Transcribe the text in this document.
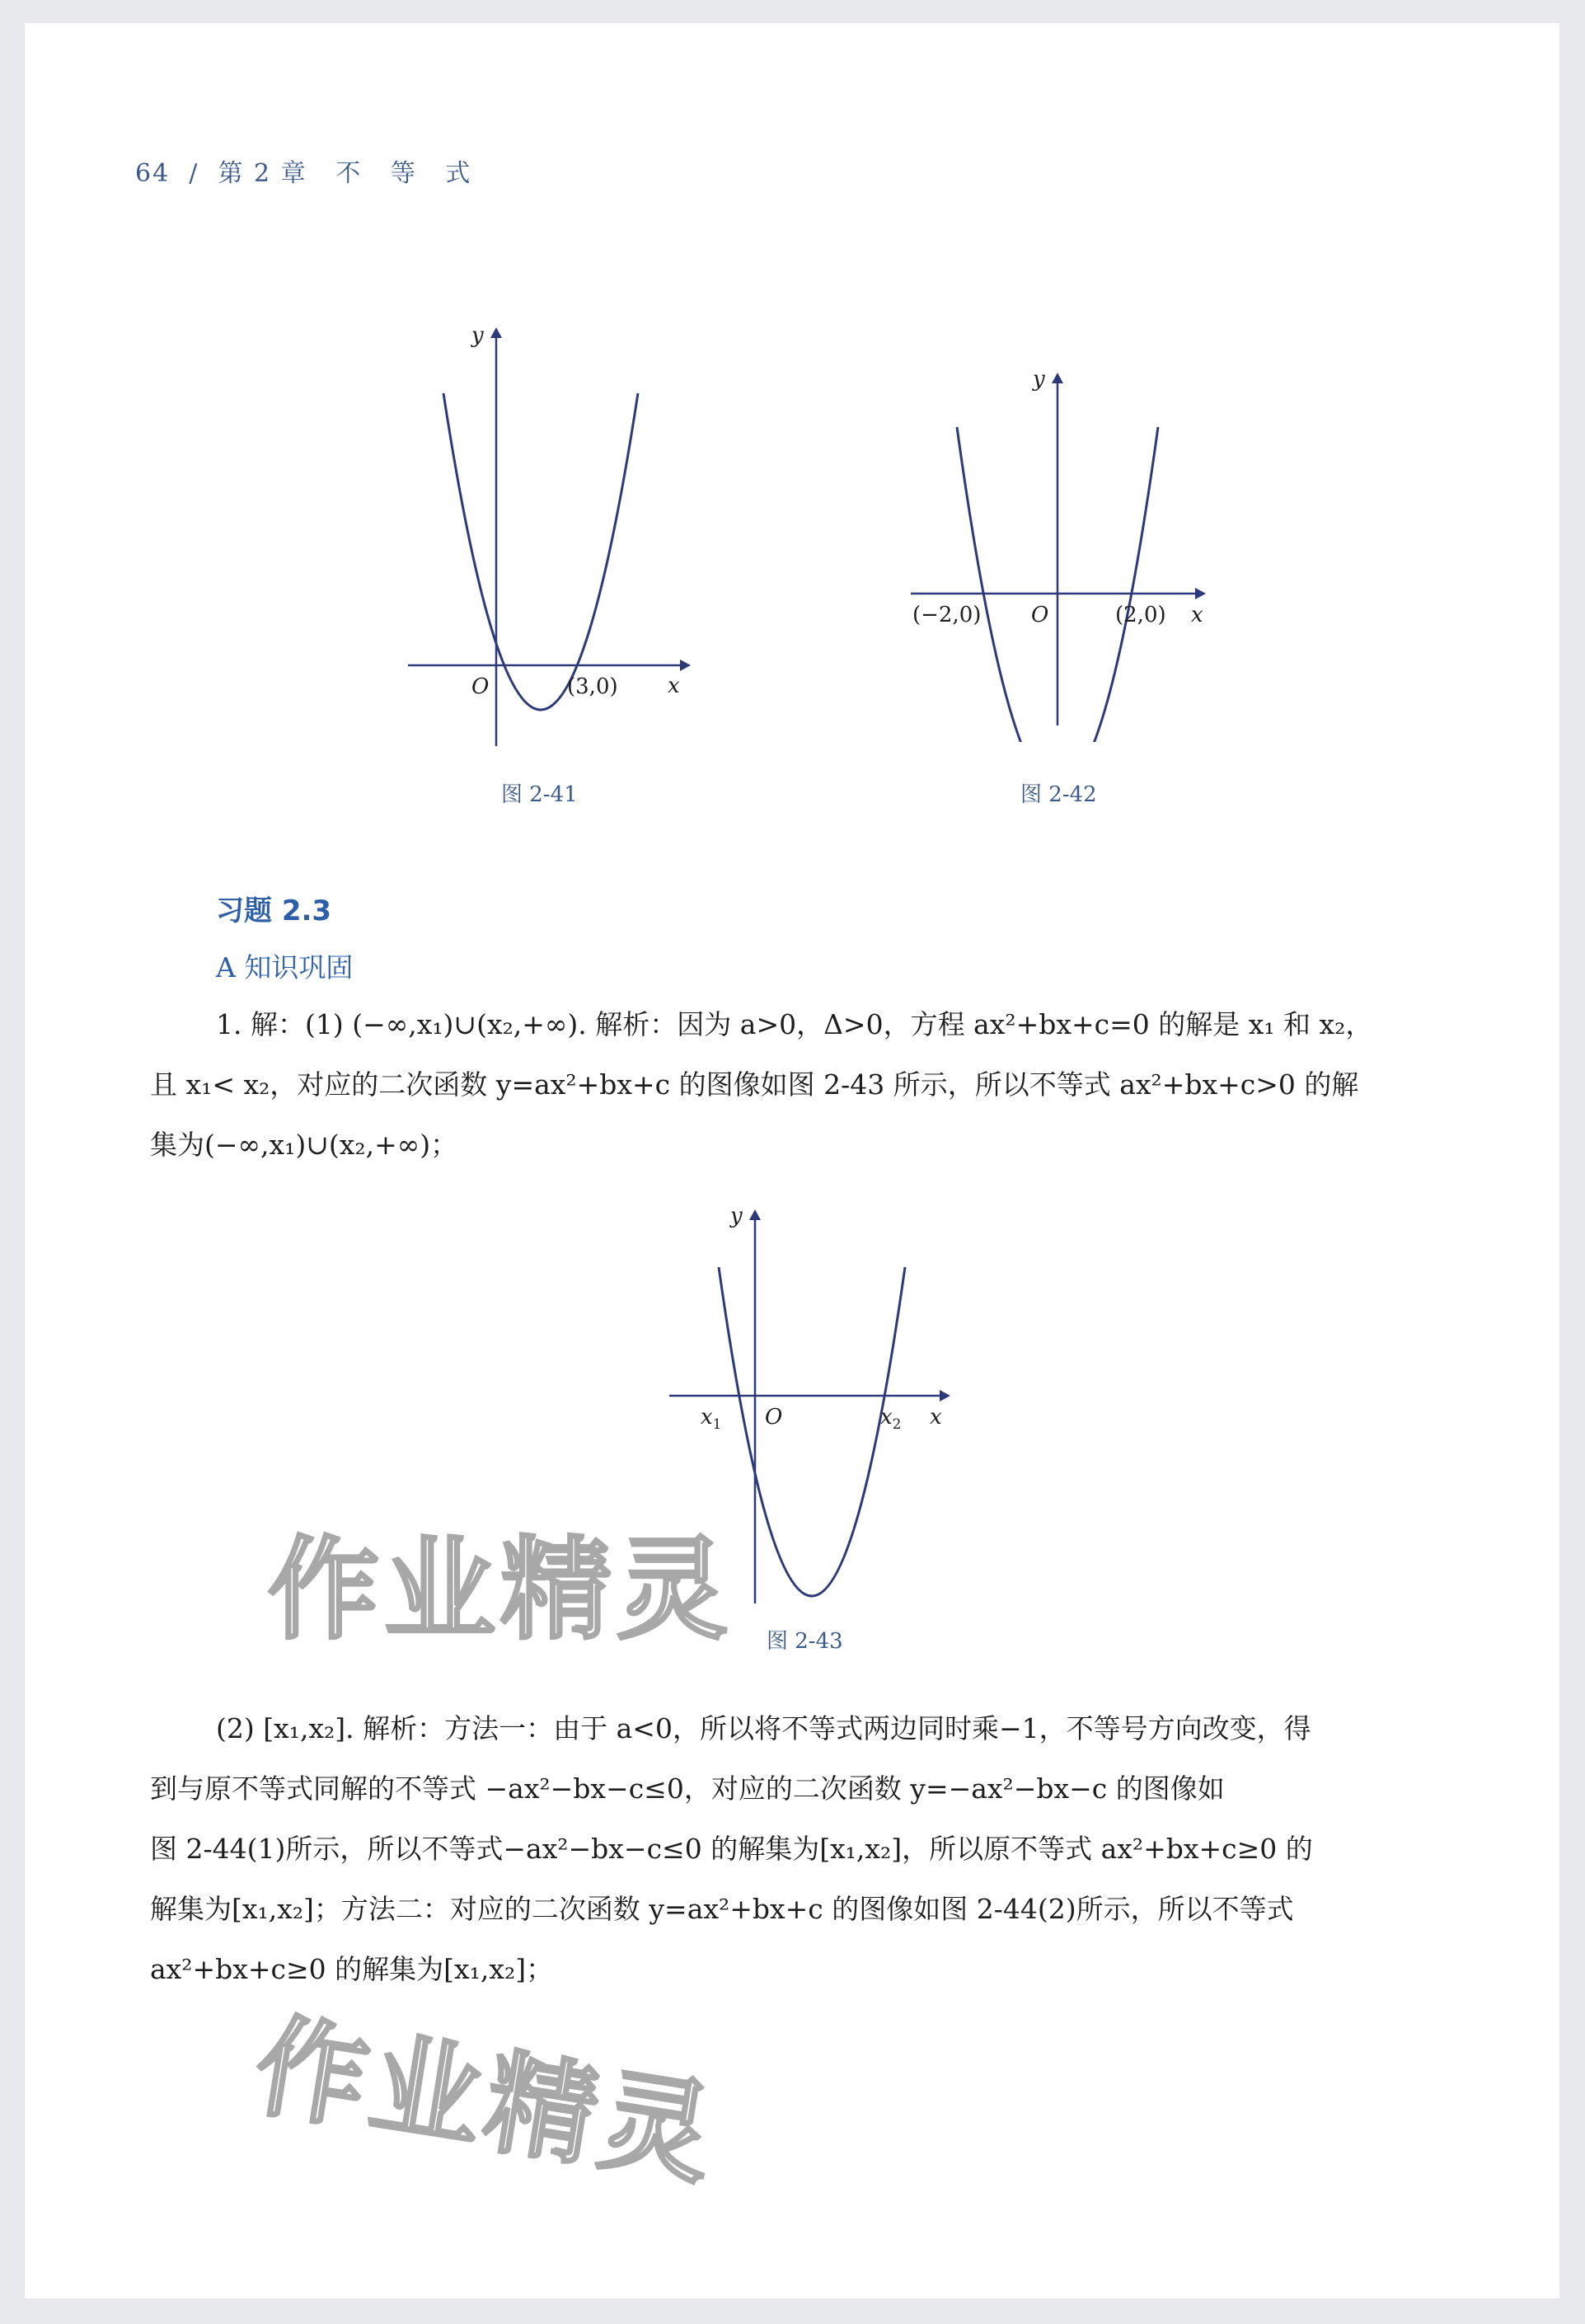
64 / 第 2 章   不   等   式
y
x
O	(3,0)
图 2-41
y
x
O
(−2,0)	(2,0)
图 2-42
习题 2.3
A 知识巩固
1. 解：(1) (−∞,x₁)∪(x₂,+∞). 解析：因为 a>0，Δ>0，方程 ax²+bx+c=0 的解是 x₁ 和 x₂，
且 x₁< x₂，对应的二次函数 y=ax²+bx+c 的图像如图 2-43 所示，所以不等式 ax²+bx+c>0 的解
集为(−∞,x₁)∪(x₂,+∞)；
y
x
O
$x_1$	$x_2$
图 2-43
(2) [x₁,x₂]. 解析：方法一：由于 a<0，所以将不等式两边同时乘−1，不等号方向改变，得
到与原不等式同解的不等式 −ax²−bx−c≤0，对应的二次函数 y=−ax²−bx−c 的图像如
图 2-44(1)所示，所以不等式−ax²−bx−c≤0 的解集为[x₁,x₂]，所以原不等式 ax²+bx+c≥0 的
解集为[x₁,x₂]；方法二：对应的二次函数 y=ax²+bx+c 的图像如图 2-44(2)所示，所以不等式
ax²+bx+c≥0 的解集为[x₁,x₂]；
作业精灵
作业精灵
